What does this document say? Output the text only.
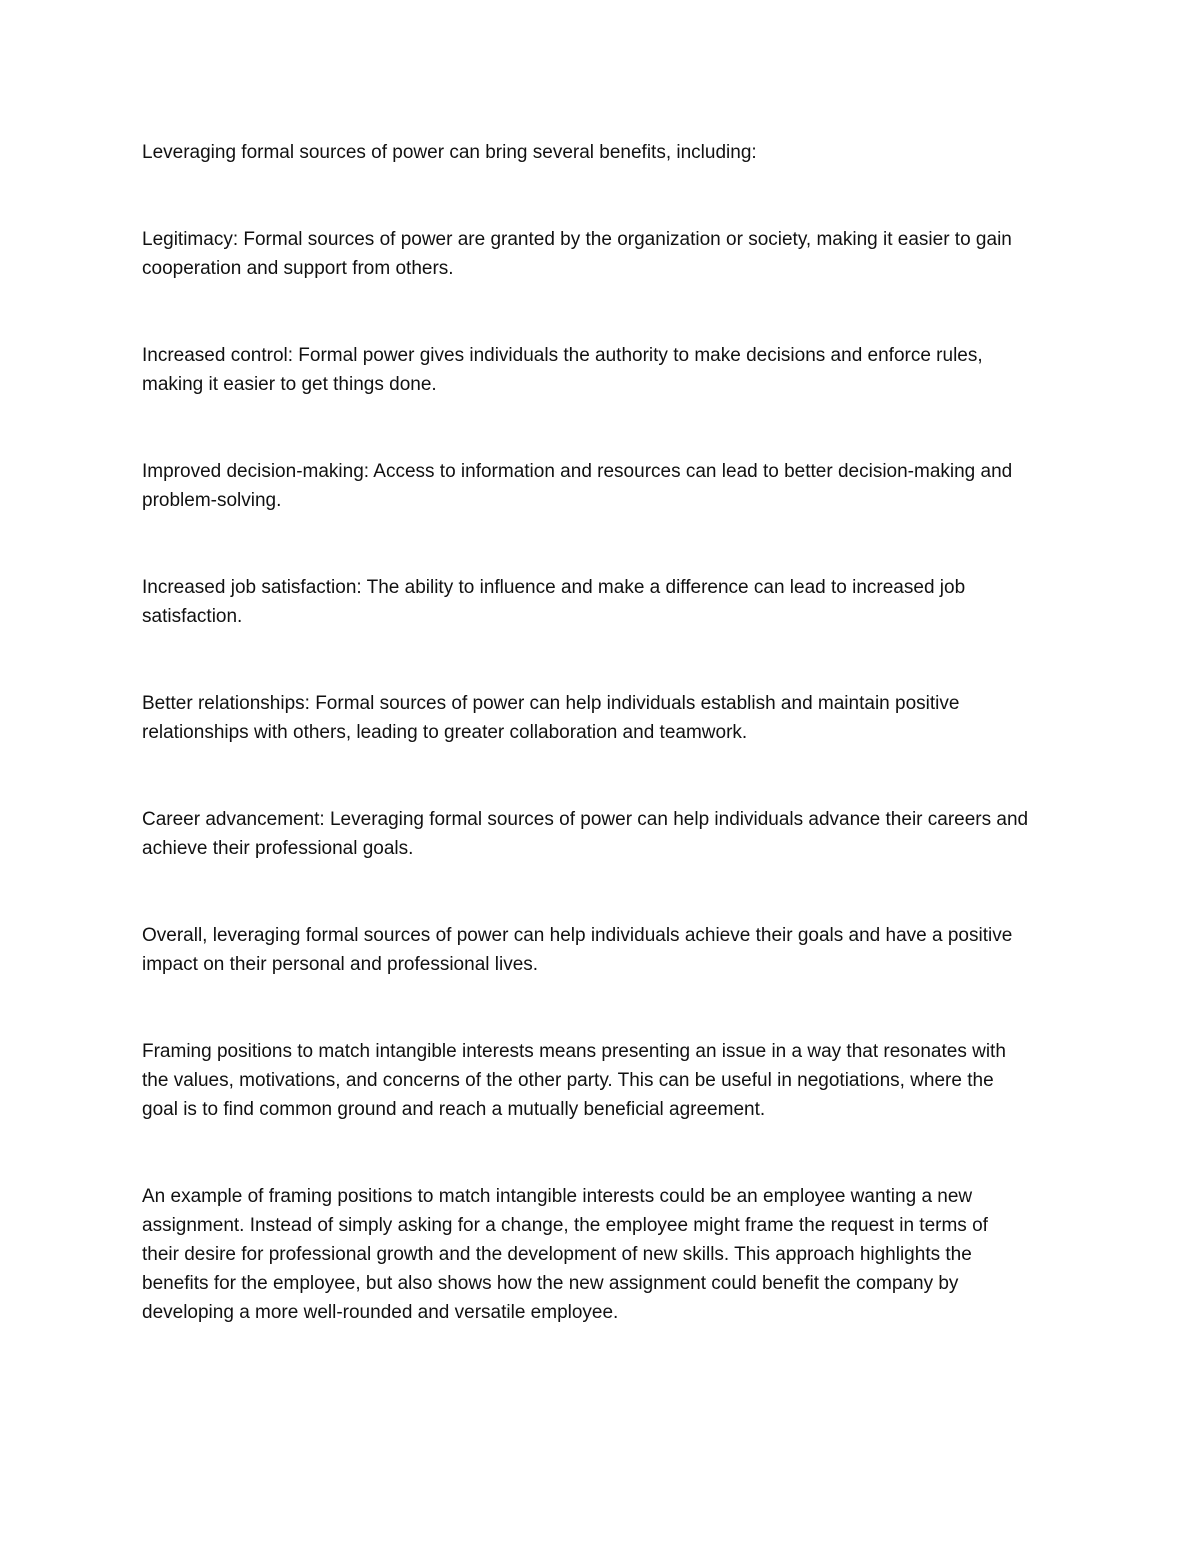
Leveraging formal sources of power can bring several benefits, including:

Legitimacy: Formal sources of power are granted by the organization or society, making it easier to gain
cooperation and support from others.

Increased control: Formal power gives individuals the authority to make decisions and enforce rules,
making it easier to get things done.

Improved decision-making: Access to information and resources can lead to better decision-making and
problem-solving.

Increased job satisfaction: The ability to influence and make a difference can lead to increased job
satisfaction.

Better relationships: Formal sources of power can help individuals establish and maintain positive
relationships with others, leading to greater collaboration and teamwork.

Career advancement: Leveraging formal sources of power can help individuals advance their careers and
achieve their professional goals.

Overall, leveraging formal sources of power can help individuals achieve their goals and have a positive
impact on their personal and professional lives.

Framing positions to match intangible interests means presenting an issue in a way that resonates with
the values, motivations, and concerns of the other party. This can be useful in negotiations, where the
goal is to find common ground and reach a mutually beneficial agreement.

An example of framing positions to match intangible interests could be an employee wanting a new
assignment. Instead of simply asking for a change, the employee might frame the request in terms of
their desire for professional growth and the development of new skills. This approach highlights the
benefits for the employee, but also shows how the new assignment could benefit the company by
developing a more well-rounded and versatile employee.
